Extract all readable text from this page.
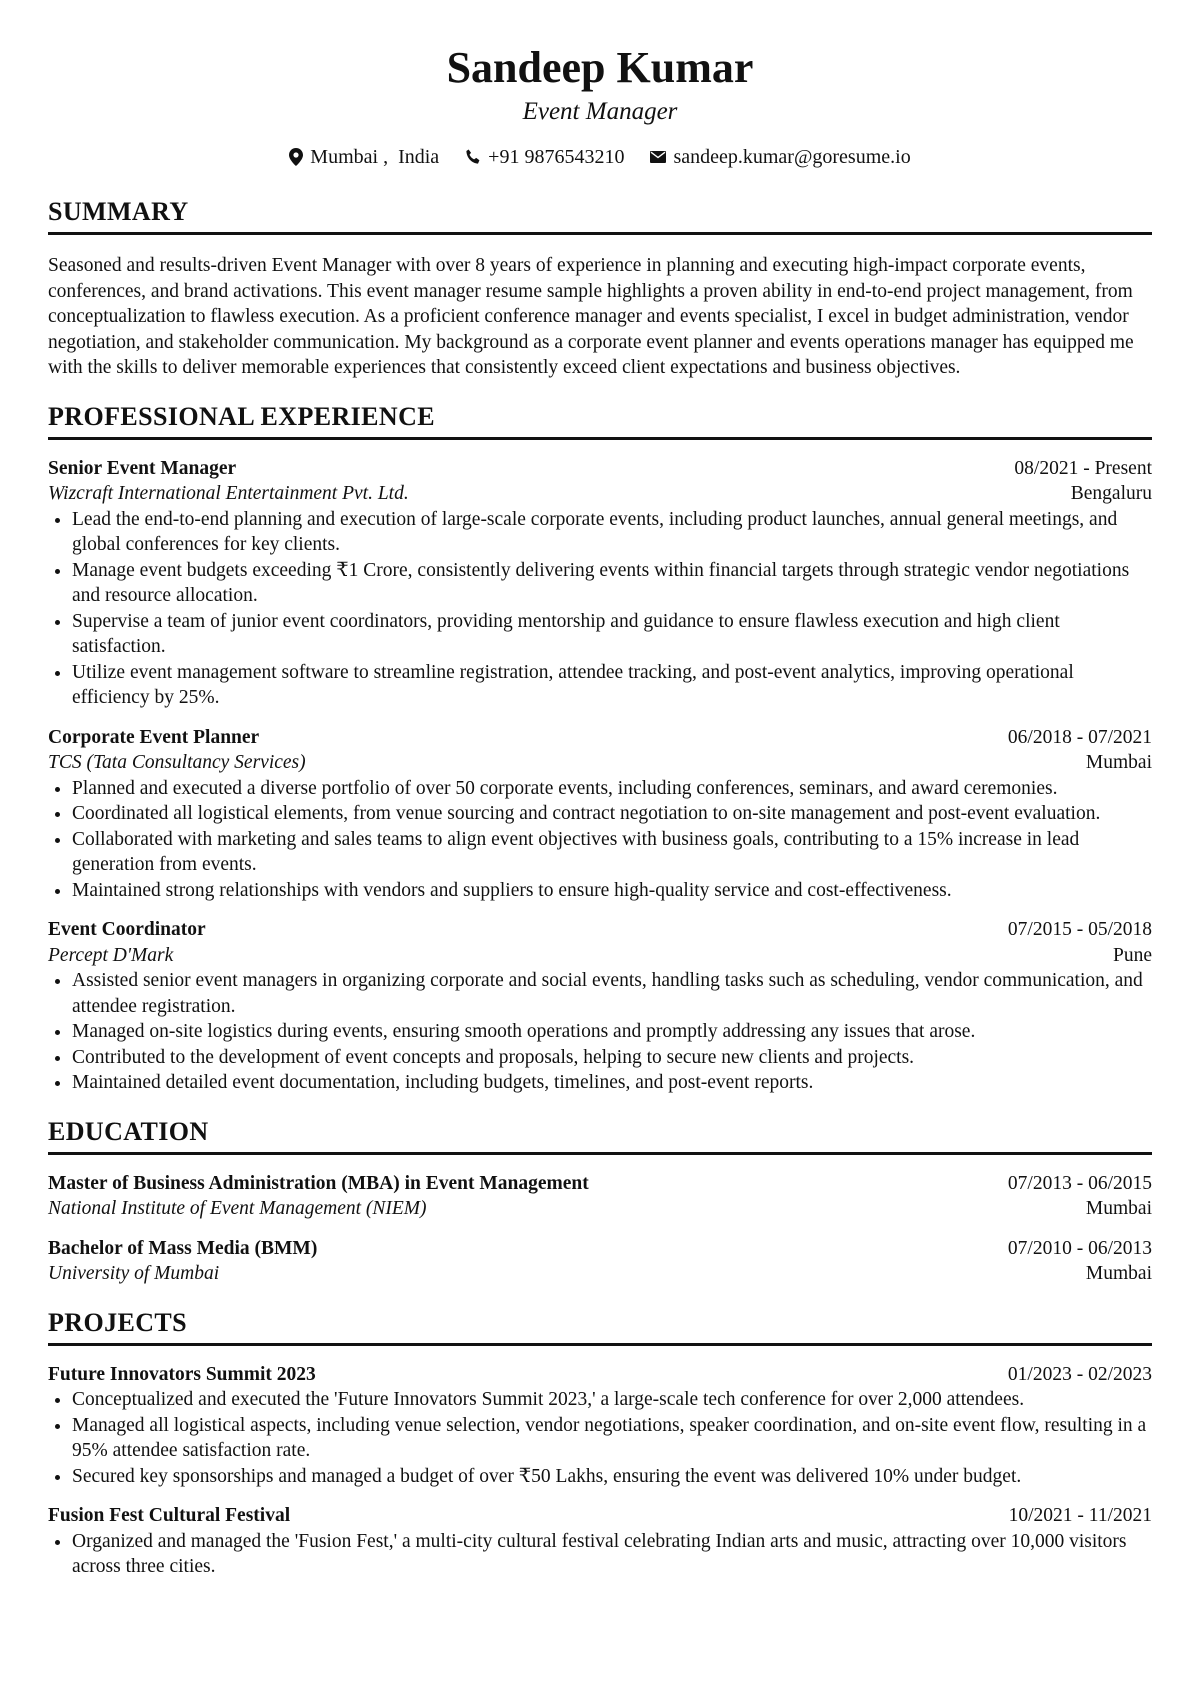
Sandeep Kumar
Event Manager
Mumbai ,  India +91 9876543210 sandeep.kumar@goresume.io
SUMMARY

Seasoned and results-driven Event Manager with over 8 years of experience in planning and executing high-impact corporate events, conferences, and brand activations. This event manager resume sample highlights a proven ability in end-to-end project management, from conceptualization to flawless execution. As a proficient conference manager and events specialist, I excel in budget administration, vendor negotiation, and stakeholder communication. My background as a corporate event planner and events operations manager has equipped me with the skills to deliver memorable experiences that consistently exceed client expectations and business objectives.

PROFESSIONAL EXPERIENCE
Senior Event Manager	08/2021 - Present
Wizcraft International Entertainment Pvt. Ltd.	Bengaluru
• Lead the end-to-end planning and execution of large-scale corporate events, including product launches, annual general meetings, and global conferences for key clients.
• Manage event budgets exceeding ₹1 Crore, consistently delivering events within financial targets through strategic vendor negotiations and resource allocation.
• Supervise a team of junior event coordinators, providing mentorship and guidance to ensure flawless execution and high client satisfaction.
• Utilize event management software to streamline registration, attendee tracking, and post-event analytics, improving operational efficiency by 25%.
Corporate Event Planner	06/2018 - 07/2021
TCS (Tata Consultancy Services)	Mumbai
• Planned and executed a diverse portfolio of over 50 corporate events, including conferences, seminars, and award ceremonies.
• Coordinated all logistical elements, from venue sourcing and contract negotiation to on-site management and post-event evaluation.
• Collaborated with marketing and sales teams to align event objectives with business goals, contributing to a 15% increase in lead generation from events.
• Maintained strong relationships with vendors and suppliers to ensure high-quality service and cost-effectiveness.
Event Coordinator	07/2015 - 05/2018
Percept D'Mark	Pune
• Assisted senior event managers in organizing corporate and social events, handling tasks such as scheduling, vendor communication, and attendee registration.
• Managed on-site logistics during events, ensuring smooth operations and promptly addressing any issues that arose.
• Contributed to the development of event concepts and proposals, helping to secure new clients and projects.
• Maintained detailed event documentation, including budgets, timelines, and post-event reports.
EDUCATION
Master of Business Administration (MBA) in Event Management	07/2013 - 06/2015
National Institute of Event Management (NIEM)	Mumbai
Bachelor of Mass Media (BMM)	07/2010 - 06/2013
University of Mumbai	Mumbai
PROJECTS
Future Innovators Summit 2023	01/2023 - 02/2023
• Conceptualized and executed the 'Future Innovators Summit 2023,' a large-scale tech conference for over 2,000 attendees.
• Managed all logistical aspects, including venue selection, vendor negotiations, speaker coordination, and on-site event flow, resulting in a 95% attendee satisfaction rate.
• Secured key sponsorships and managed a budget of over ₹50 Lakhs, ensuring the event was delivered 10% under budget.
Fusion Fest Cultural Festival	10/2021 - 11/2021
• Organized and managed the 'Fusion Fest,' a multi-city cultural festival celebrating Indian arts and music, attracting over 10,000 visitors across three cities.
